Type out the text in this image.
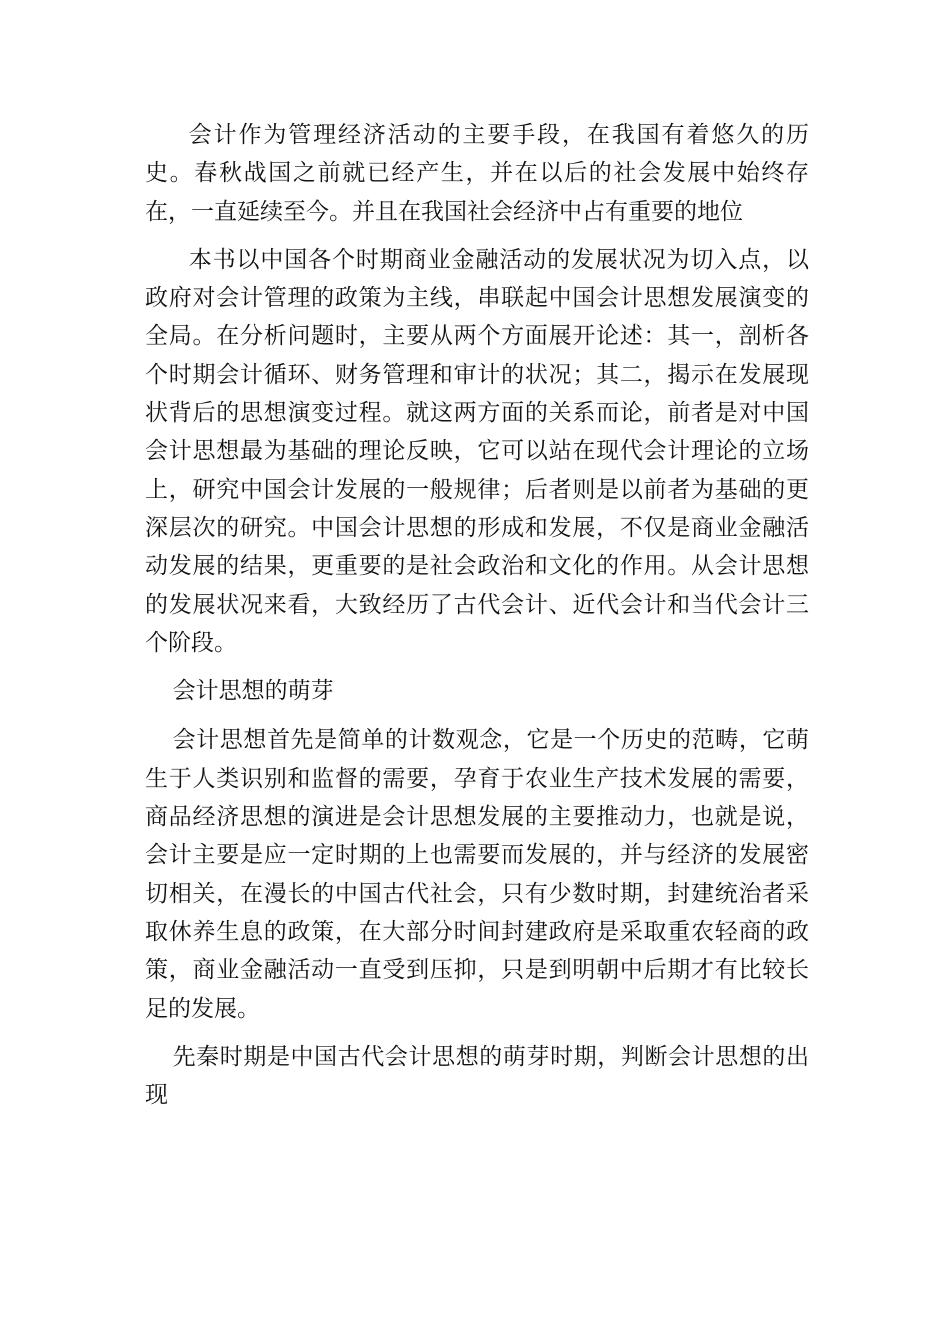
会计作为管理经济活动的主要手段，在我国有着悠久的历史。春秋战国之前就已经产生，并在以后的社会发展中始终存在，一直延续至今。并且在我国社会经济中占有重要的地位

本书以中国各个时期商业金融活动的发展状况为切入点，以政府对会计管理的政策为主线，串联起中国会计思想发展演变的全局。在分析问题时，主要从两个方面展开论述：其一，剖析各个时期会计循环、财务管理和审计的状况；其二，揭示在发展现状背后的思想演变过程。就这两方面的关系而论，前者是对中国会计思想最为基础的理论反映，它可以站在现代会计理论的立场上，研究中国会计发展的一般规律；后者则是以前者为基础的更深层次的研究。中国会计思想的形成和发展，不仅是商业金融活动发展的结果，更重要的是社会政治和文化的作用。从会计思想的发展状况来看，大致经历了古代会计、近代会计和当代会计三个阶段。

会计思想的萌芽

会计思想首先是简单的计数观念，它是一个历史的范畴，它萌生于人类识别和监督的需要，孕育于农业生产技术发展的需要，商品经济思想的演进是会计思想发展的主要推动力，也就是说，会计主要是应一定时期的上也需要而发展的，并与经济的发展密切相关，在漫长的中国古代社会，只有少数时期，封建统治者采取休养生息的政策，在大部分时间封建政府是采取重农轻商的政策，商业金融活动一直受到压抑，只是到明朝中后期才有比较长足的发展。

先秦时期是中国古代会计思想的萌芽时期，判断会计思想的出现
